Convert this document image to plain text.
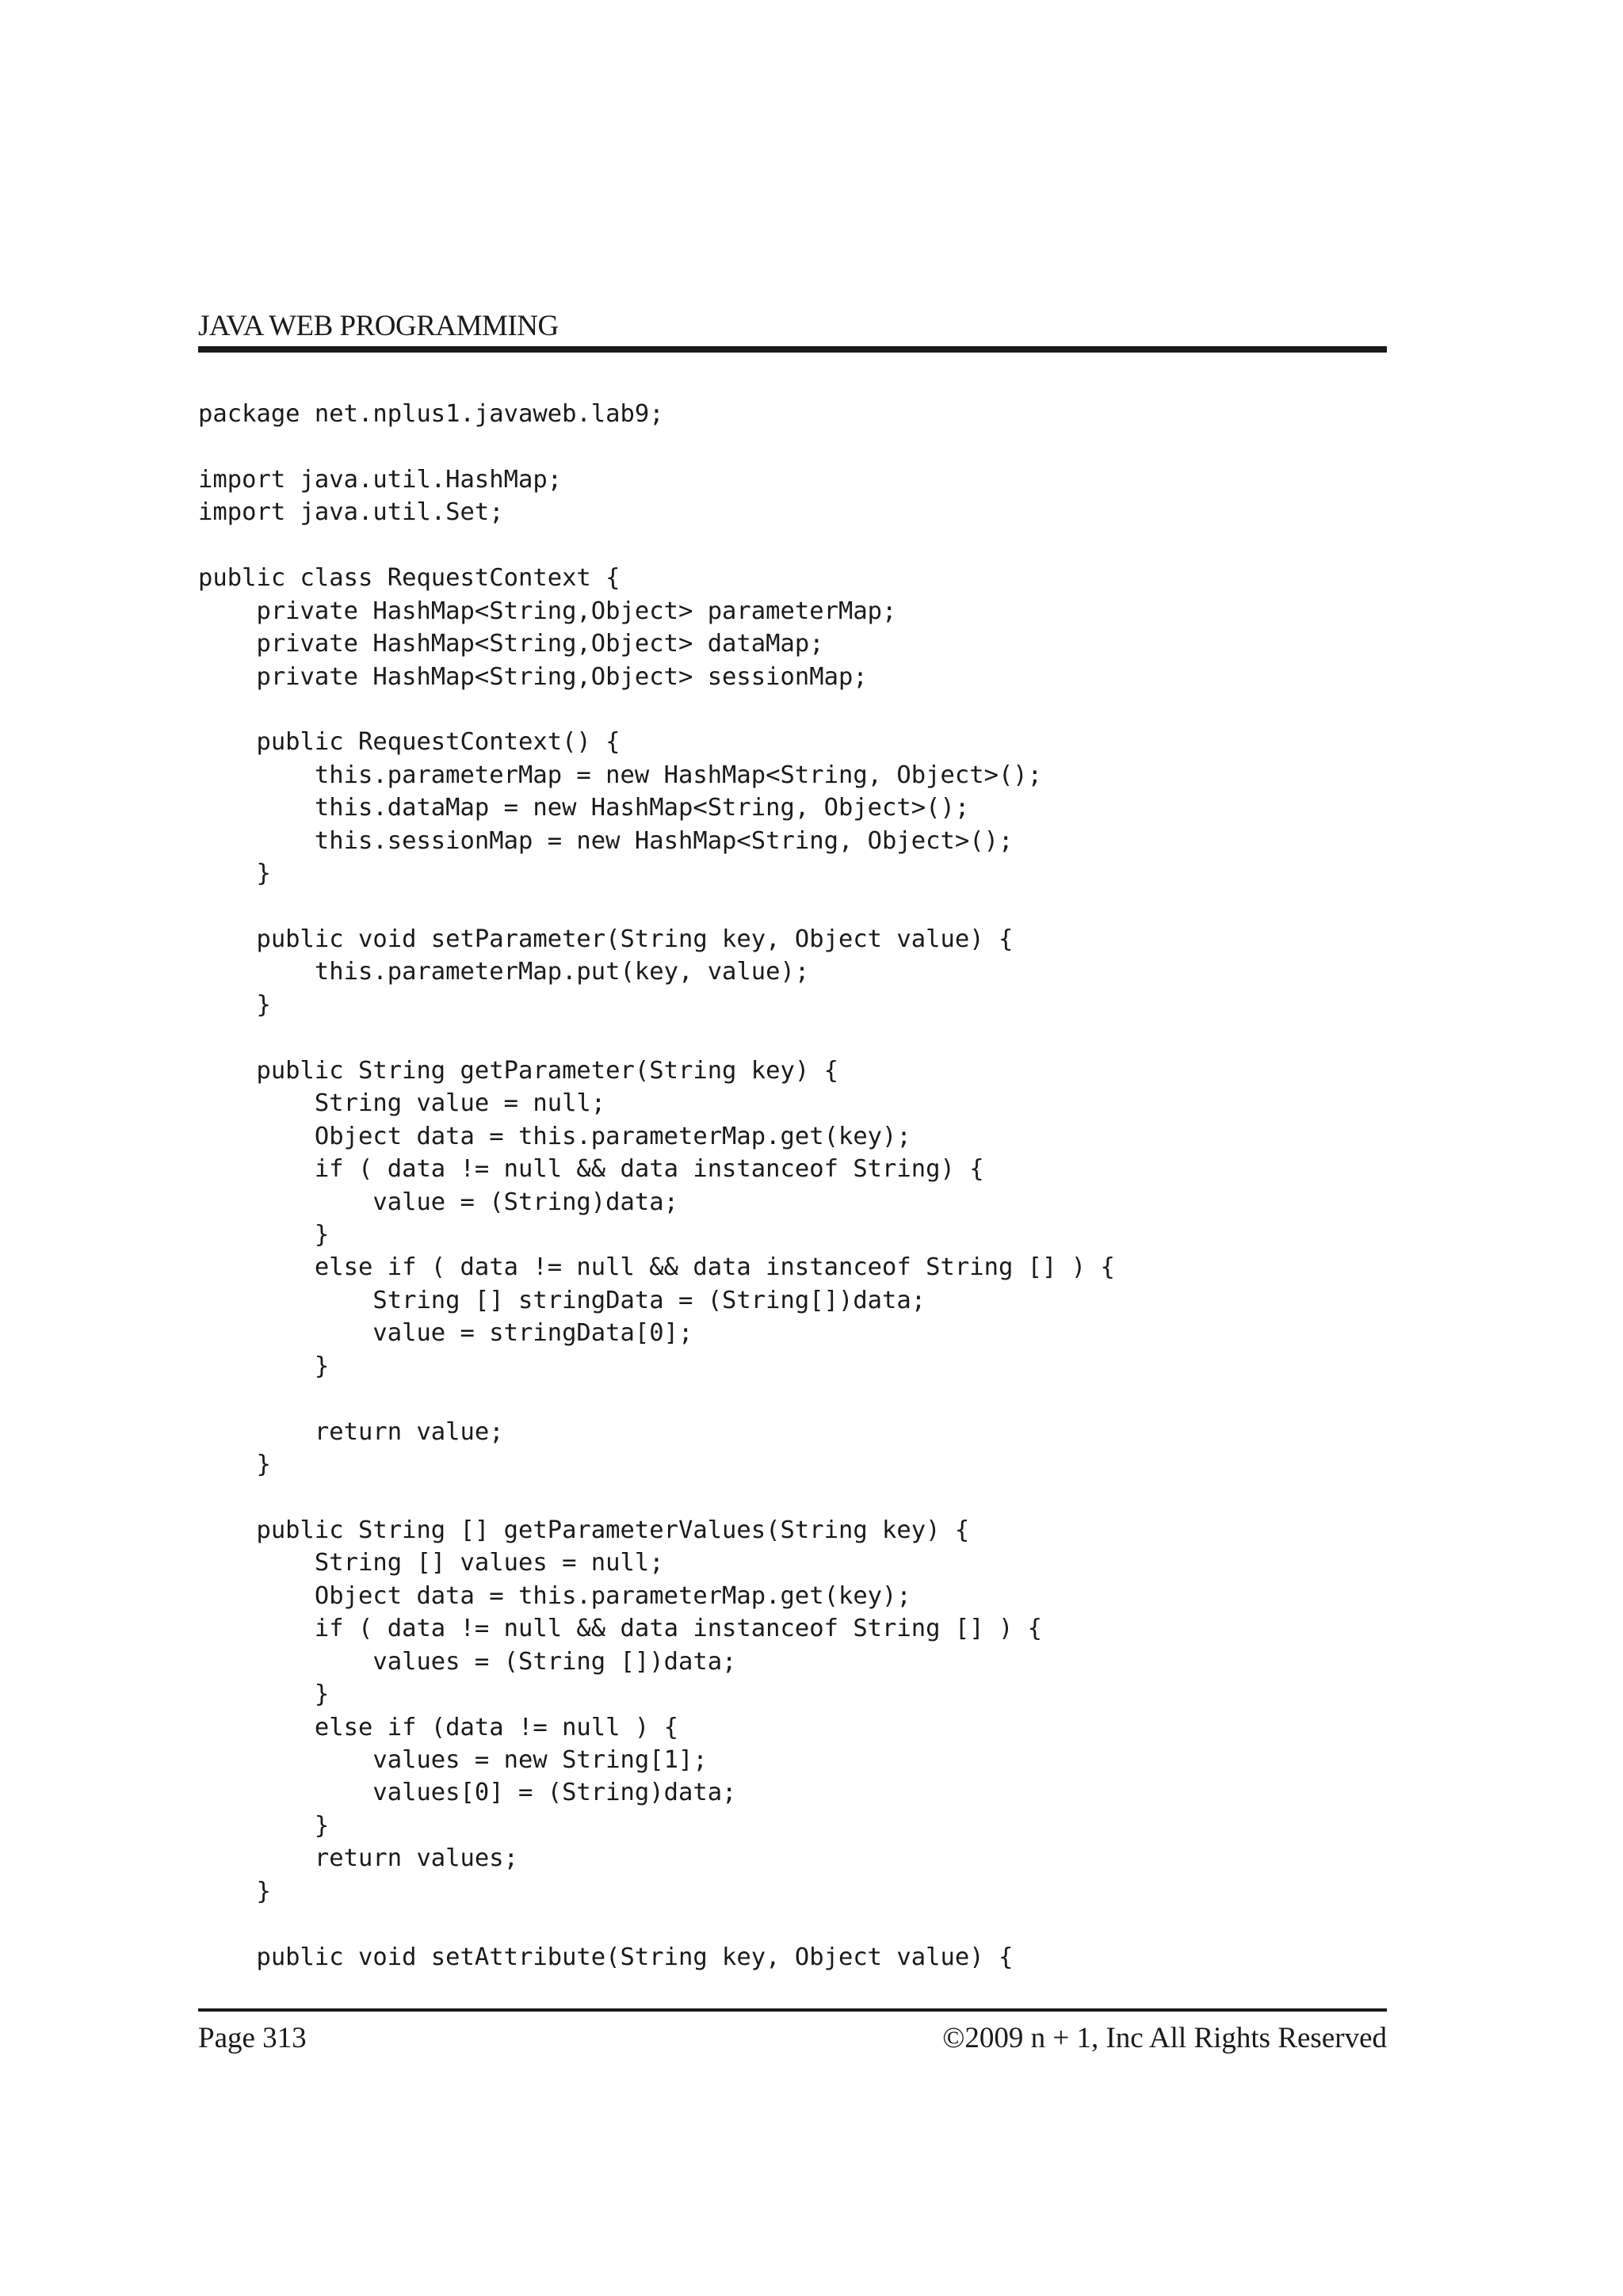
JAVA WEB PROGRAMMING
package net.nplus1.javaweb.lab9;
import java.util.HashMap;
import java.util.Set;
public class RequestContext {
private HashMap<String,Object> parameterMap;
private HashMap<String,Object> dataMap;
private HashMap<String,Object> sessionMap;
public RequestContext() {
this.parameterMap = new HashMap<String, Object>();
this.dataMap = new HashMap<String, Object>();
this.sessionMap = new HashMap<String, Object>();
}
public void setParameter(String key, Object value) {
this.parameterMap.put(key, value);
}
public String getParameter(String key) {
String value = null;
Object data = this.parameterMap.get(key);
if ( data != null && data instanceof String) {
value = (String)data;
}
else if ( data != null && data instanceof String [] ) {
String [] stringData = (String[])data;
value = stringData[0];
}
return value;
}
public String [] getParameterValues(String key) {
String [] values = null;
Object data = this.parameterMap.get(key);
if ( data != null && data instanceof String [] ) {
values = (String [])data;
}
else if (data != null ) {
values = new String[1];
values[0] = (String)data;
}
return values;
}
public void setAttribute(String key, Object value) {
Page 313	©2009 n + 1, Inc All Rights Reserved
